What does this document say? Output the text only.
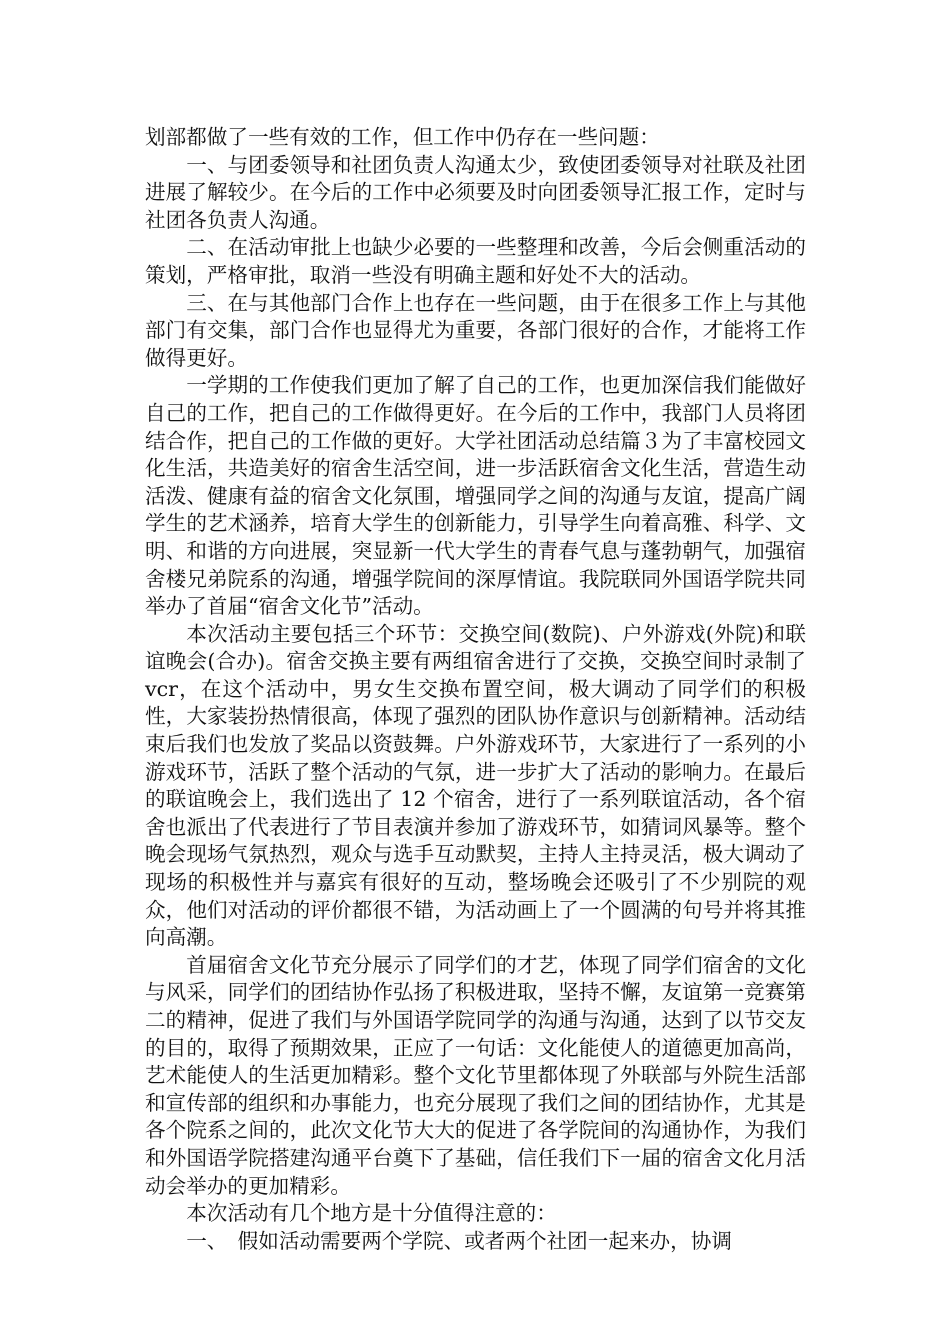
划部都做了一些有效的工作，但工作中仍存在一些问题：

一、与团委领导和社团负责人沟通太少，致使团委领导对社联及社团进展了解较少。在今后的工作中必须要及时向团委领导汇报工作，定时与社团各负责人沟通。

二、在活动审批上也缺少必要的一些整理和改善，今后会侧重活动的策划，严格审批，取消一些没有明确主题和好处不大的活动。

三、在与其他部门合作上也存在一些问题，由于在很多工作上与其他部门有交集，部门合作也显得尤为重要，各部门很好的合作，才能将工作做得更好。

一学期的工作使我们更加了解了自己的工作，也更加深信我们能做好自己的工作，把自己的工作做得更好。在今后的工作中，我部门人员将团结合作，把自己的工作做的更好。大学社团活动总结篇３为了丰富校园文化生活，共造美好的宿舍生活空间，进一步活跃宿舍文化生活，营造生动活泼、健康有益的宿舍文化氛围，增强同学之间的沟通与友谊，提高广阔学生的艺术涵养，培育大学生的创新能力，引导学生向着高雅、科学、文明、和谐的方向进展，突显新一代大学生的青春气息与蓬勃朝气，加强宿舍楼兄弟院系的沟通，增强学院间的深厚情谊。我院联同外国语学院共同举办了首届“宿舍文化节”活动。

本次活动主要包括三个环节：交换空间(数院)、户外游戏(外院)和联谊晚会(合办)。宿舍交换主要有两组宿舍进行了交换，交换空间时录制了 vcr，在这个活动中，男女生交换布置空间，极大调动了同学们的积极性，大家装扮热情很高，体现了强烈的团队协作意识与创新精神。活动结束后我们也发放了奖品以资鼓舞。户外游戏环节，大家进行了一系列的小游戏环节，活跃了整个活动的气氛，进一步扩大了活动的影响力。在最后的联谊晚会上，我们选出了 12 个宿舍，进行了一系列联谊活动，各个宿舍也派出了代表进行了节目表演并参加了游戏环节，如猜词风暴等。整个晚会现场气氛热烈，观众与选手互动默契，主持人主持灵活，极大调动了现场的积极性并与嘉宾有很好的互动，整场晚会还吸引了不少别院的观众，他们对活动的评价都很不错，为活动画上了一个圆满的句号并将其推向高潮。

首届宿舍文化节充分展示了同学们的才艺，体现了同学们宿舍的文化与风采，同学们的团结协作弘扬了积极进取，坚持不懈，友谊第一竞赛第二的精神，促进了我们与外国语学院同学的沟通与沟通，达到了以节交友的目的，取得了预期效果，正应了一句话：文化能使人的道德更加高尚，艺术能使人的生活更加精彩。整个文化节里都体现了外联部与外院生活部和宣传部的组织和办事能力，也充分展现了我们之间的团结协作，尤其是各个院系之间的，此次文化节大大的促进了各学院间的沟通协作，为我们和外国语学院搭建沟通平台奠下了基础，信任我们下一届的宿舍文化月活动会举办的更加精彩。

本次活动有几个地方是十分值得注意的：

一、　假如活动需要两个学院、或者两个社团一起来办，协调
